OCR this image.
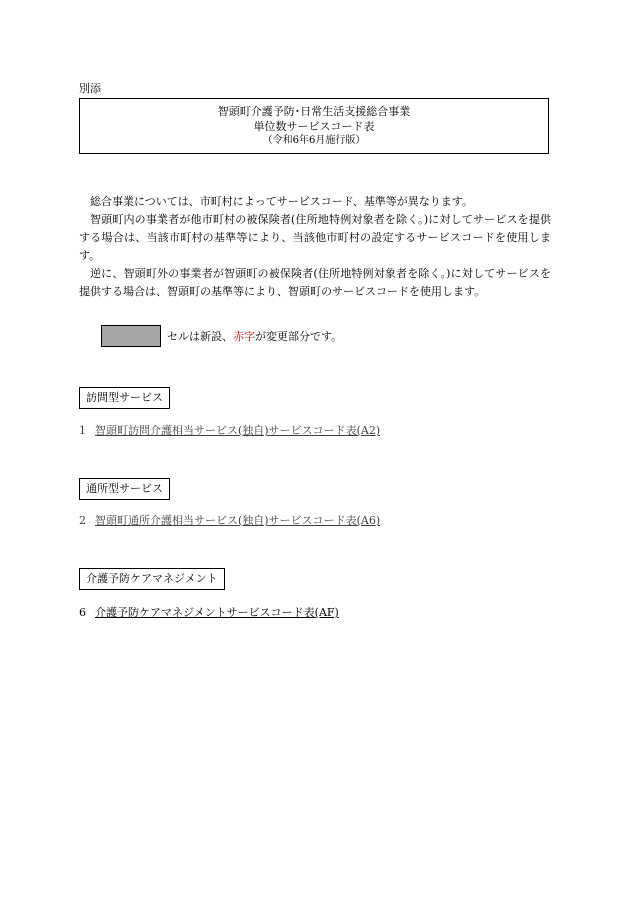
別添
智頭町介護予防･日常生活支援総合事業
単位数サービスコード表
（令和6年6月施行版）

総合事業については、市町村によってサービスコード、基準等が異なります。

智頭町内の事業者が他市町村の被保険者(住所地特例対象者を除く。)に対してサービスを提供する場合は、当該市町村の基準等により、当該他市町村の設定するサービスコードを使用します。

逆に、智頭町外の事業者が智頭町の被保険者(住所地特例対象者を除く。)に対してサービスを提供する場合は、智頭町の基準等により、智頭町のサービスコードを使用します。

セルは新設、 赤字 が変更部分です。
訪問型サービス
1 智頭町訪問介護相当サービス(独自)サービスコード表(A2)
通所型サービス
2 智頭町通所介護相当サービス(独自)サービスコード表(A6)
介護予防ケアマネジメント
6 介護予防ケアマネジメントサービスコード表(AF)
